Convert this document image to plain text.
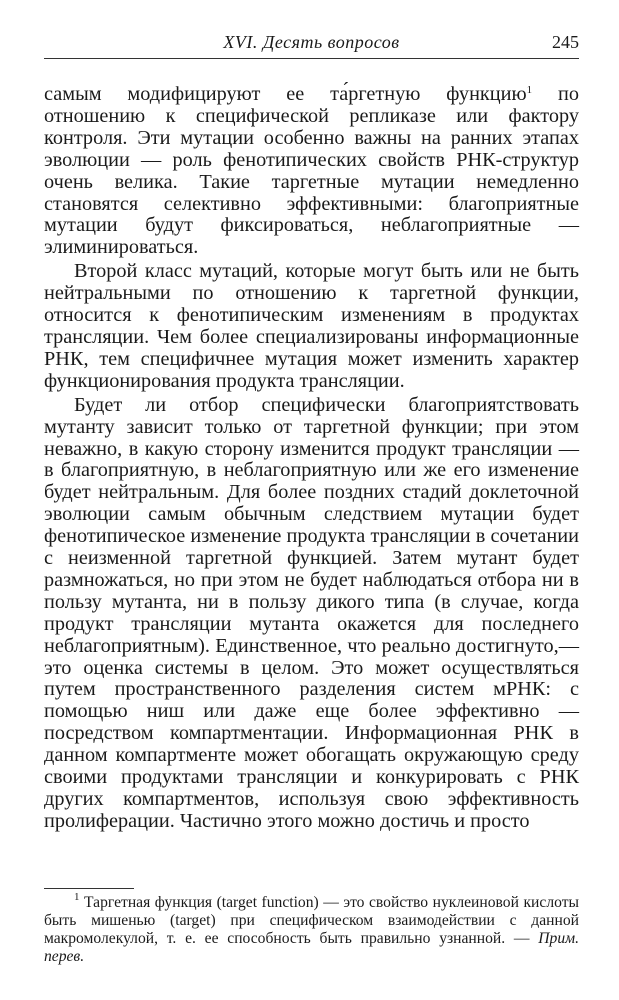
XVI. Десять вопросов	245

самым модифицируют ее та́ргетную функцию$^1$ по отношению к специфической репликазе или фактору контроля. Эти мутации особенно важны на ранних этапах эволюции — роль фенотипических свойств РНК-структур очень велика. Такие таргетные мутации немедленно становятся селективно эффективными: благоприятные мутации будут фиксироваться, неблагоприятные — элиминироваться.

Второй класс мутаций, которые могут быть или не быть нейтральными по отношению к таргетной функции, относится к фенотипическим изменениям в продуктах трансляции. Чем более специализированы информационные РНК, тем специфичнее мутация может изменить характер функционирования продукта трансляции.

Будет ли отбор специфически благоприятствовать мутанту зависит только от таргетной функции; при этом неважно, в какую сторону изменится продукт трансляции — в благоприятную, в неблагоприятную или же его изменение будет нейтральным. Для более поздних стадий доклеточной эволюции самым обычным следствием мутации будет фенотипическое изменение продукта трансляции в сочетании с неизменной таргетной функцией. Затем мутант будет размножаться, но при этом не будет наблюдаться отбора ни в пользу мутанта, ни в пользу дикого типа (в случае, когда продукт трансляции мутанта окажется для последнего неблагоприятным). Единственное, что реально достигнуто,— это оценка системы в целом. Это может осуществляться путем пространственного разделения систем мРНК: с помощью ниш или даже еще более эффективно — посредством компартментации. Информационная РНК в данном компартменте может обогащать окружающую среду своими продуктами трансляции и конкурировать с РНК других компартментов, используя свою эффективность пролиферации. Частично этого можно достичь и просто

$^1$ Таргетная функция (target function) — это свойство нуклеиновой кислоты быть мишенью (target) при специфическом взаимодействии с данной макромолекулой, т. е. ее способность быть правильно узнанной. — Прим. перев.
